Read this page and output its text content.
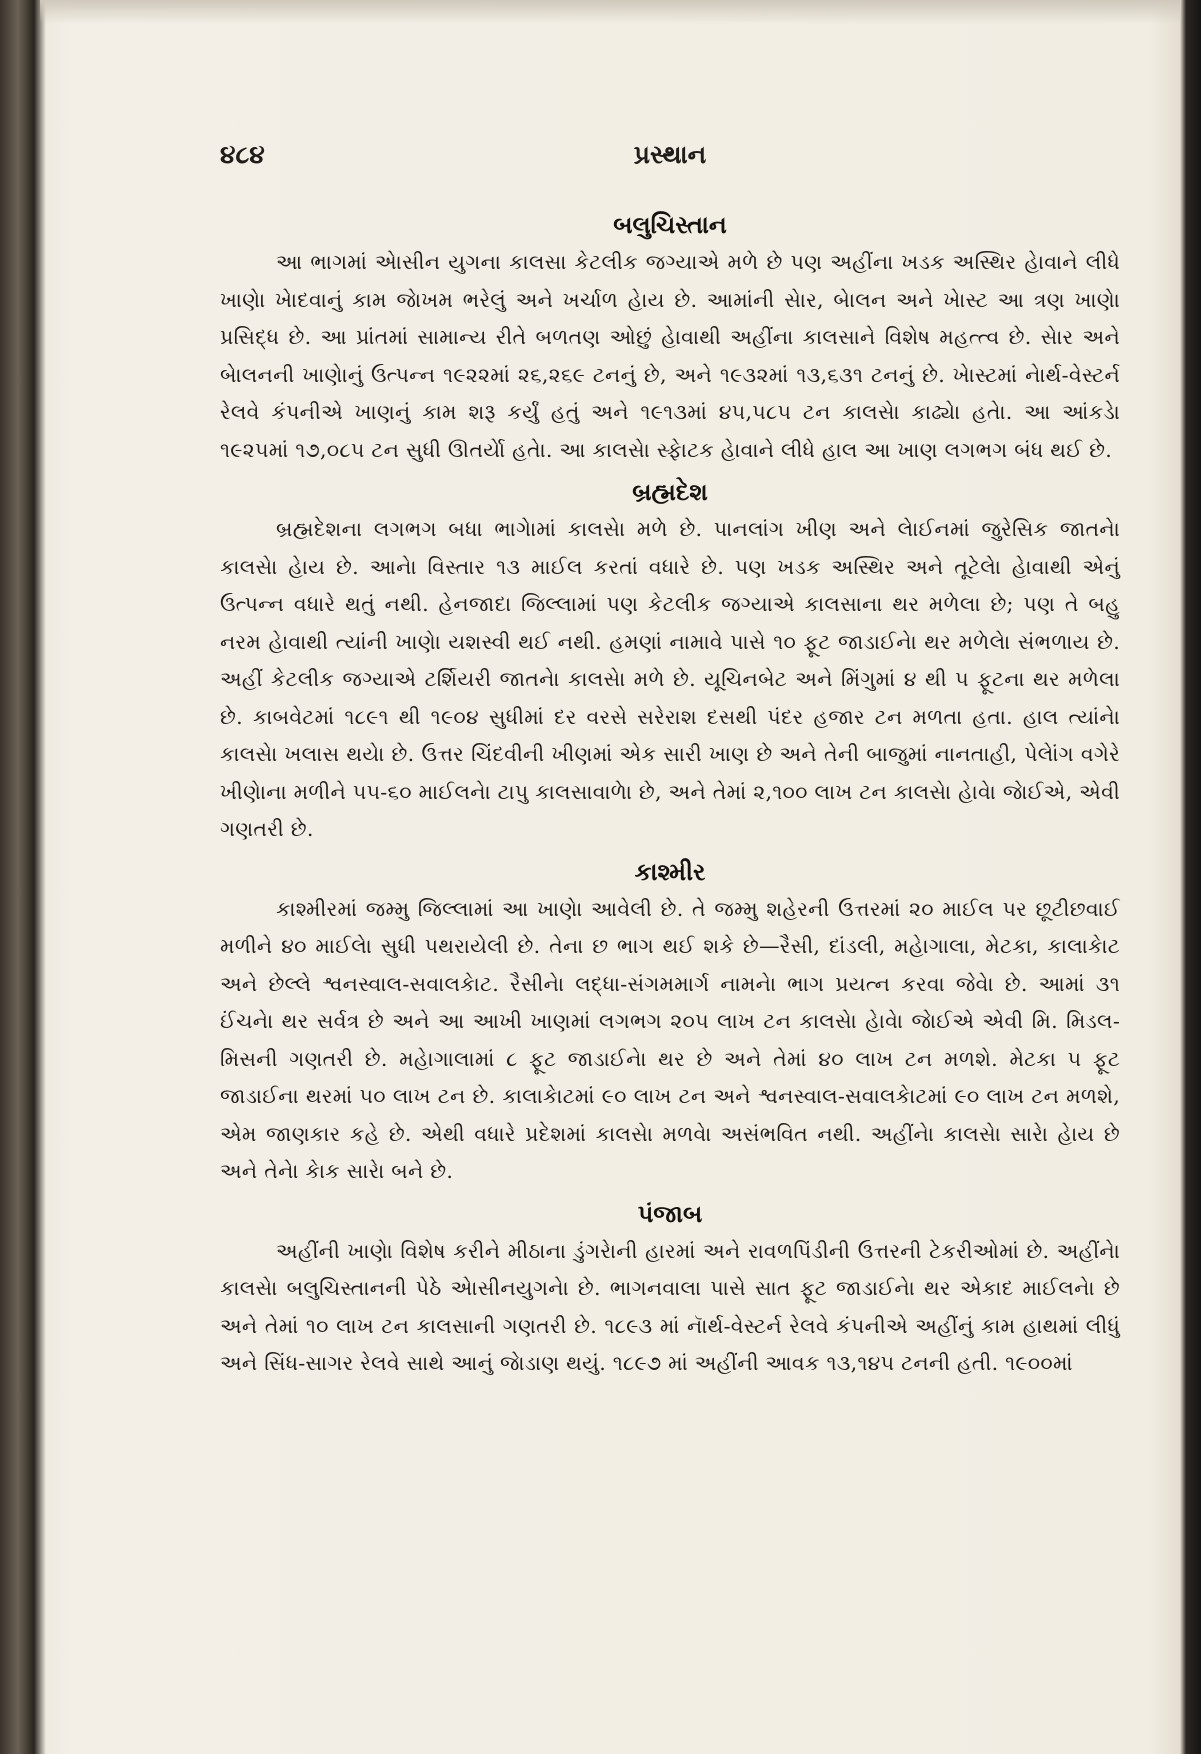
૪૮૪	પ્રસ્થાન
બલુચિસ્તાન

આ ભાગમાં એાસીન યુગના કાલસા કેટલીક જગ્યાએ મળે છે પણ અહીંના ખડક અસ્થિર હાેવાને લીધે ખાણાે ખાેદવાનું કામ જાેખમ ભરેલું અને ખર્ચાળ હાેય છે. આમાંની સાેર, બાેલન અને ખાેસ્ટ આ ત્રણ ખાણાે પ્રસિદ્ધ છે. આ પ્રાંતમાં સામાન્ય રીતે બળતણ ઓછું હાેવાથી અહીંના કાલસાને વિશેષ મહત્ત્વ છે. સાેર અને બાેલનની ખાણાેનું ઉત્પન્ન ૧૯૨૨માં ૨૬,૨૬૯ ટનનું છે, અને ૧૯૩૨માં ૧૩,૬૩૧ ટનનું છે. ખાેસ્ટમાં નાેર્થ-વેસ્ટર્ન રેલવે કંપનીએ ખાણનું કામ શરૂ કર્યું હતું અને ૧૯૧૩માં ૪૫,૫૮૫ ટન કાલસાે કાઢ્યાે હતાે. આ આંકડાે ૧૯૨૫માં ૧૭,૦૮૫ ટન સુધી ઊતર્યાે હતાે. આ કાલસાે સ્ફાેટક હાેવાને લીધે હાલ આ ખાણ લગભગ બંધ થઈ છે.

બ્રહ્મદેશ

બ્રહ્મદેશના લગભગ બધા ભાગાેમાં કાલસાે મળે છે. પાનલાંગ ખીણ અને લાેઈનમાં જુરેસિક જાતનાે કાલસાે હાેય છે. આનાે વિસ્તાર ૧૩ માઈલ કરતાં વધારે છે. પણ ખડક અસ્થિર અને તૂટેલાે હાેવાથી એનું ઉત્પન્ન વધારે થતું નથી. હેનજાદા જિલ્લામાં પણ કેટલીક જગ્યાએ કાલસાના થર મળેલા છે; પણ તે બહુ નરમ હાેવાથી ત્યાંની ખાણાે યશસ્વી થઈ નથી. હમણાં નામાવે પાસે ૧૦ ફૂટ જાડાઈનાે થર મળેલાે સંભળાય છે. અહીં કેટલીક જગ્યાએ ટર્શિયરી જાતનાે કાલસાે મળે છે. યૂચિનબેટ અને મિંગુમાં ૪ થી ૫ ફૂટના થર મળેલા છે. કાબવેટમાં ૧૮૯૧ થી ૧૯૦૪ સુધીમાં દર વરસે સરેરાશ દસથી પંદર હજાર ટન મળતા હતા. હાલ ત્યાંનાે કાલસાે ખલાસ થયાે છે. ઉત્તર ચિંદવીની ખીણમાં એક સારી ખાણ છે અને તેની બાજુમાં નાનતાહી, પેલેાંગ વગેરે ખીણાેના મળીને ૫૫-૬૦ માઈલનાે ટાપુ કાલસાવાળાે છે, અને તેમાં ૨,૧૦૦ લાખ ટન કાલસાે હાેવાે જાેઈએ, એવી ગણતરી છે.

કાશ્મીર

કાશ્મીરમાં જમ્મુ જિલ્લામાં આ ખાણાે આવેલી છે. તે જમ્મુ શહેરની ઉત્તરમાં ૨૦ માઈલ પર છૂટીછવાઈ મળીને ૪૦ માઈલાે સુધી પથરાયેલી છે. તેના છ ભાગ થઈ શકે છે—રૈસી, દાંડલી, મહાેગાલા, મેટકા, કાલાકાેટ અને છેલ્લે શ્વનસ્વાલ-સવાલકાેટ. રૈસીનાે લદ્ધા-સંગમમાર્ગ નામનાે ભાગ પ્રયત્ન કરવા જેવાે છે. આમાં ૩૧ ઈંચનાે થર સર્વત્ર છે અને આ આખી ખાણમાં લગભગ ૨૦૫ લાખ ટન કાલસાે હાેવાે જાેઈએ એવી મિ. મિડલ-મિસની ગણતરી છે. મહાેગાલામાં ૮ ફૂટ જાડાઈનાે થર છે અને તેમાં ૪૦ લાખ ટન મળશે. મેટકા ૫ ફૂટ જાડાઈના થરમાં ૫૦ લાખ ટન છે. કાલાકાેટમાં ૯૦ લાખ ટન અને શ્વનસ્વાલ-સવાલકાેટમાં ૯૦ લાખ ટન મળશે, એમ જાણકાર કહે છે. એથી વધારે પ્રદેશમાં કાલસાે મળવાે અસંભવિત નથી. અહીંનાે કાલસાે સારાે હાેય છે અને તેનાે કાેક સારાે બને છે.

પંજાબ

અહીંની ખાણાે વિશેષ કરીને મીઠાના ડુંગરાેની હારમાં અને રાવળપિંડીની ઉત્તરની ટેકરીઓમાં છે. અહીંનાે કાલસાે બલુચિસ્તાનની પેઠે એાસીનયુગનાે છે. ભાગનવાલા પાસે સાત ફૂટ જાડાઈનાે થર એકાદ માઈલનાે છે અને તેમાં ૧૦ લાખ ટન કાલસાની ગણતરી છે. ૧૮૯૩ માં નાૅર્થ-વેસ્ટર્ન રેલવે કંપનીએ અહીંનું કામ હાથમાં લીધું અને સિંધ-સાગર રેલવે સાથે આનું જાેડાણ થયું. ૧૮૯૭ માં અહીંની આવક ૧૩,૧૪૫ ટનની હતી. ૧૯૦૦માં
